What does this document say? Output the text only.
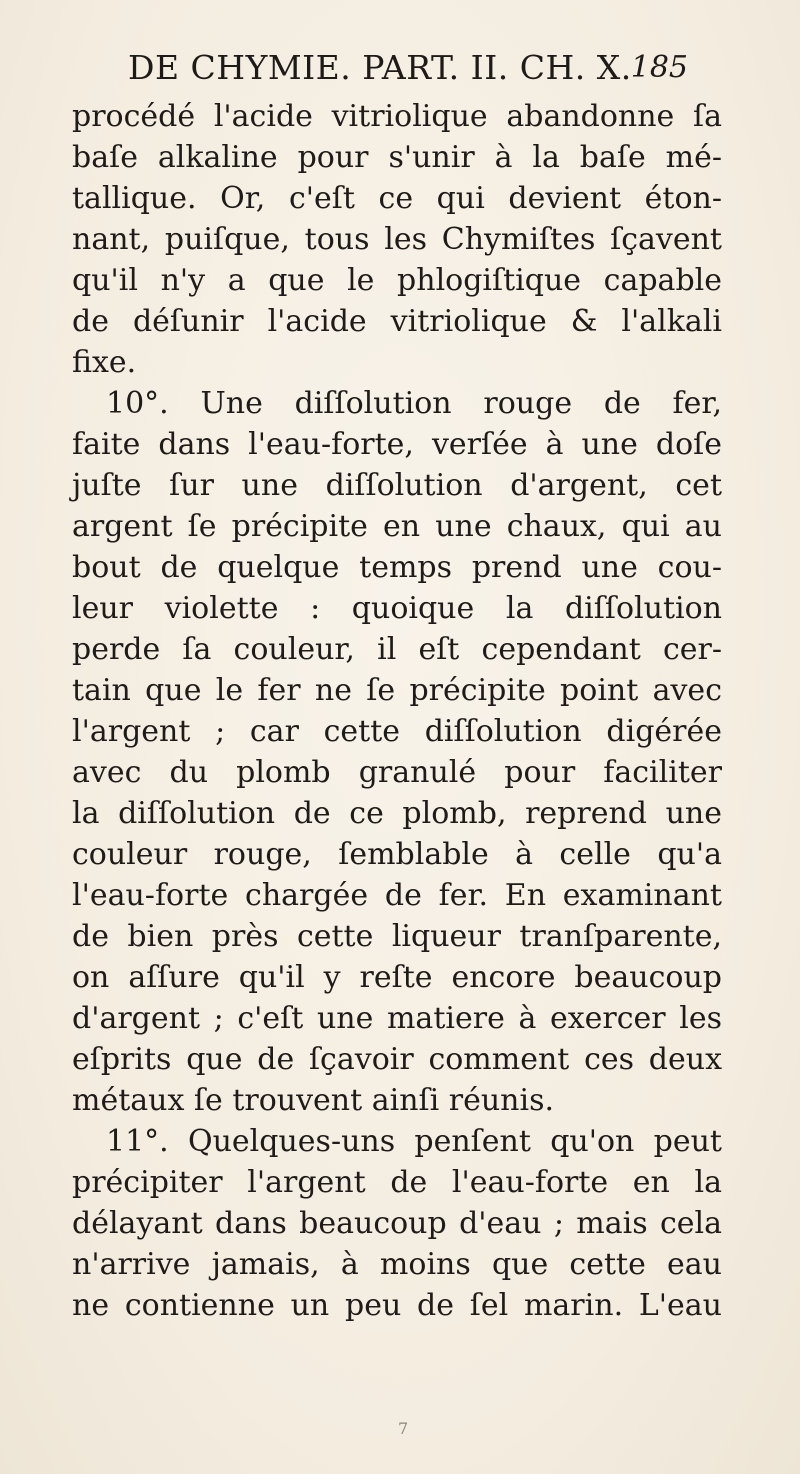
DE CHYMIE. PART. II. CH. X. 185
procédé l'acide vitriolique abandonne ſa
baſe alkaline pour s'unir à la baſe mé-
tallique. Or, c'eſt ce qui devient éton-
nant, puiſque, tous les Chymiſtes ſçavent
qu'il n'y a que le phlogiſtique capable
de déſunir l'acide vitriolique & l'alkali
fixe.
10°. Une diſſolution rouge de fer,
faite dans l'eau-forte, verſée à une doſe
juſte ſur une diſſolution d'argent, cet
argent ſe précipite en une chaux, qui au
bout de quelque temps prend une cou-
leur violette : quoique la diſſolution
perde ſa couleur, il eſt cependant cer-
tain que le fer ne ſe précipite point avec
l'argent ; car cette diſſolution digérée
avec du plomb granulé pour faciliter
la diſſolution de ce plomb, reprend une
couleur rouge, ſemblable à celle qu'a
l'eau-forte chargée de fer. En examinant
de bien près cette liqueur tranſparente,
on aſſure qu'il y reſte encore beaucoup
d'argent ; c'eſt une matiere à exercer les
eſprits que de ſçavoir comment ces deux
métaux ſe trouvent ainſi réunis.
11°. Quelques-uns penſent qu'on peut
précipiter l'argent de l'eau-forte en la
délayant dans beaucoup d'eau ; mais cela
n'arrive jamais, à moins que cette eau
ne contienne un peu de ſel marin. L'eau
7
